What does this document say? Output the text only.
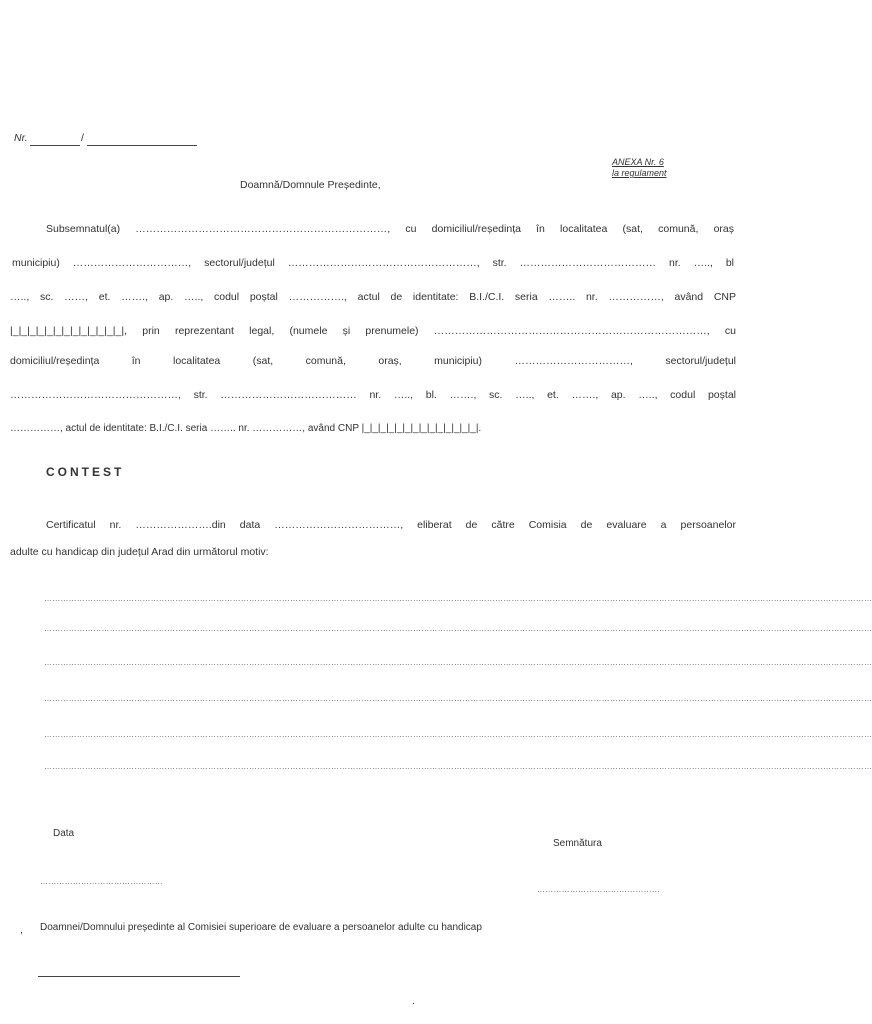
Nr.	/
ANEXA Nr. 6
la regulament
Doamnă/Domnule Președinte,
Subsemnatul(a) ………………………………………………………………, cu domiciliul/reședința în localitatea (sat, comună, oraș
municipiu) ……………………………, sectorul/județul ………………………………………………, str. ………………………………… nr. ….., bl
….., sc. ……, et. ……., ap. ….., codul poștal ……………., actul de identitate: B.I./C.I. seria …….. nr. ……………, având CNP
|_|_|_|_|_|_|_|_|_|_|_|_|_|, prin reprezentant legal, (numele și prenumele) ……………………………………………………………………, cu
domiciliul/reședința în localitatea (sat, comună, oraș, municipiu) ……………………………, sectorul/județul
…………………………………………, str. ………………………………… nr. ….., bl. ……., sc. ….., et. ……., ap. ….., codul poștal
……………, actul de identitate: B.I./C.I. seria …….. nr. ……………, având CNP |_|_|_|_|_|_|_|_|_|_|_|_|_|_|.
CONTEST
Certificatul nr. ………………….din data ………………………………, eliberat de către Comisia de evaluare a persoanelor
adulte cu handicap din județul Arad din următorul motiv:
……………………………………………………………………………………………………………………………………………………………………………………………………………………………………………………………………………
……………………………………………………………………………………………………………………………………………………………………………………………………………………………………………………………………………
……………………………………………………………………………………………………………………………………………………………………………………………………………………………………………………………………………
……………………………………………………………………………………………………………………………………………………………………………………………………………………………………………………………………………
……………………………………………………………………………………………………………………………………………………………………………………………………………………………………………………………………………
……………………………………………………………………………………………………………………………………………………………………………………………………………………………………………………………………………
Data
………………………………………
Semnătura
………………………………………
, Doamnei/Domnului președinte al Comisiei superioare de evaluare a persoanelor adulte cu handicap
.
